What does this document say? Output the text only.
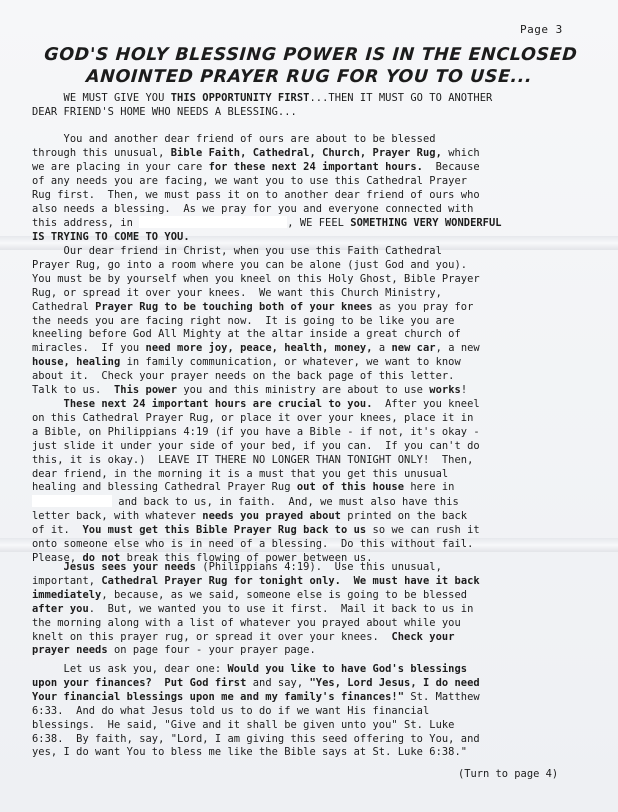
Page 3
GOD'S HOLY BLESSING POWER IS IN THE ENCLOSED
ANOINTED PRAYER RUG FOR YOU TO USE...
WE MUST GIVE YOU THIS OPPORTUNITY FIRST...THEN IT MUST GO TO ANOTHER
DEAR FRIEND'S HOME WHO NEEDS A BLESSING...
You and another dear friend of ours are about to be blessed
through this unusual, Bible Faith, Cathedral, Church, Prayer Rug, which
we are placing in your care for these next 24 important hours.  Because
of any needs you are facing, we want you to use this Cathedral Prayer
Rug first.  Then, we must pass it on to another dear friend of ours who
also needs a blessing.  As we pray for you and everyone connected with
this address, in	, WE FEEL SOMETHING VERY WONDERFUL
IS TRYING TO COME TO YOU.
Our dear friend in Christ, when you use this Faith Cathedral
Prayer Rug, go into a room where you can be alone (just God and you).
You must be by yourself when you kneel on this Holy Ghost, Bible Prayer
Rug, or spread it over your knees.  We want this Church Ministry,
Cathedral Prayer Rug to be touching both of your knees as you pray for
the needs you are facing right now.  It is going to be like you are
kneeling before God All Mighty at the altar inside a great church of
miracles.  If you need more joy, peace, health, money, a new car, a new
house, healing in family communication, or whatever, we want to know
about it.  Check your prayer needs on the back page of this letter.
Talk to us.  This power you and this ministry are about to use works!
These next 24 important hours are crucial to you.  After you kneel
on this Cathedral Prayer Rug, or place it over your knees, place it in
a Bible, on Philippians 4:19 (if you have a Bible - if not, it's okay -
just slide it under your side of your bed, if you can.  If you can't do
this, it is okay.)  LEAVE IT THERE NO LONGER THAN TONIGHT ONLY!  Then,
dear friend, in the morning it is a must that you get this unusual
healing and blessing Cathedral Prayer Rug out of this house here in
and back to us, in faith.  And, we must also have this
letter back, with whatever needs you prayed about printed on the back
of it.  You must get this Bible Prayer Rug back to us so we can rush it
onto someone else who is in need of a blessing.  Do this without fail.
Please, do not break this flowing of power between us.
Jesus sees your needs (Philippians 4:19).  Use this unusual,
important, Cathedral Prayer Rug for tonight only. We must have it back
immediately, because, as we said, someone else is going to be blessed
after you.  But, we wanted you to use it first.  Mail it back to us in
the morning along with a list of whatever you prayed about while you
knelt on this prayer rug, or spread it over your knees.  Check your
prayer needs on page four - your prayer page.
Let us ask you, dear one: Would you like to have God's blessings
upon your finances?  Put God first and say, "Yes, Lord Jesus, I do need
Your financial blessings upon me and my family's finances!" St. Matthew
6:33.  And do what Jesus told us to do if we want His financial
blessings.  He said, "Give and it shall be given unto you" St. Luke
6:38.  By faith, say, "Lord, I am giving this seed offering to You, and
yes, I do want You to bless me like the Bible says at St. Luke 6:38."
(Turn to page 4)
